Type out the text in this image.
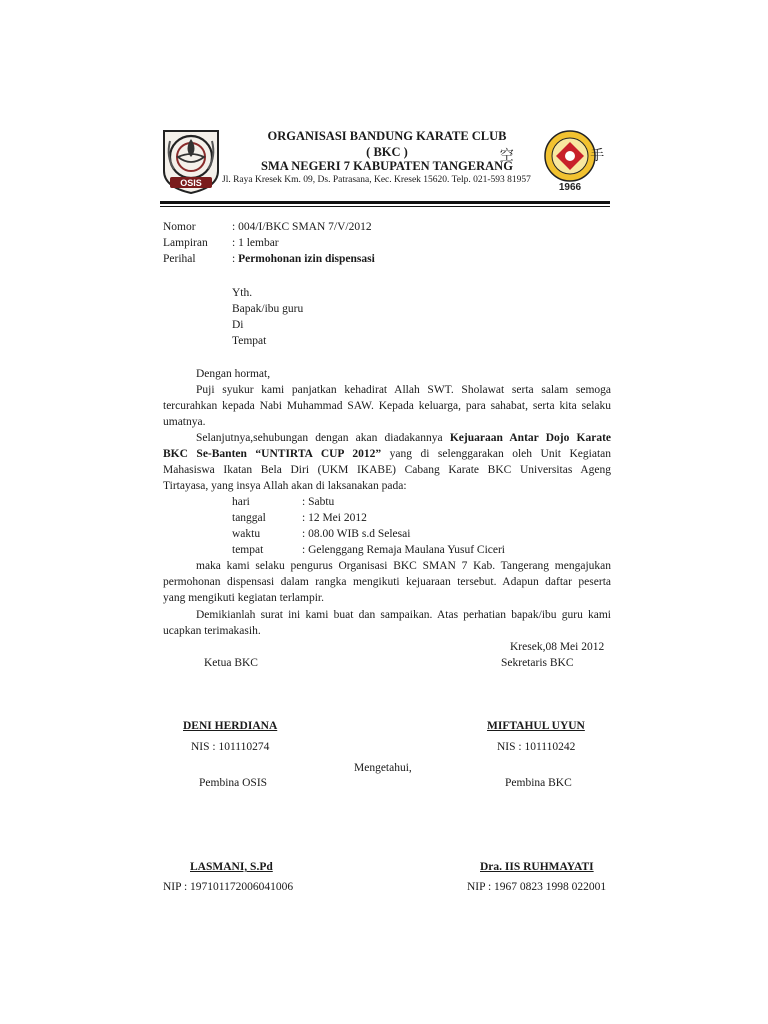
OSIS
空 手
1966
ORGANISASI BANDUNG KARATE CLUB
( BKC )
SMA NEGERI 7 KABUPATEN TANGERANG
Jl. Raya Kresek Km. 09, Ds. Patrasana, Kec. Kresek 15620. Telp. 021-593 81957
Nomor	: 004/I/BKC SMAN 7/V/2012
Lampiran : 1 lembar
Perihal	: Permohonan izin dispensasi
Yth.
Bapak/ibu guru
Di
Tempat
Dengan hormat,
Puji syukur kami panjatkan kehadirat Allah SWT. Sholawat serta salam semoga
tercurahkan kepada Nabi Muhammad SAW. Kepada keluarga, para sahabat, serta kita selaku
umatnya.
Selanjutnya,sehubungan dengan akan diadakannya Kejuaraan Antar Dojo Karate
BKC Se-Banten “UNTIRTA CUP 2012” yang di selenggarakan oleh Unit Kegiatan
Mahasiswa Ikatan Bela Diri (UKM IKABE) Cabang Karate BKC Universitas Ageng
Tirtayasa, yang insya Allah akan di laksanakan pada:
hari	: Sabtu
tanggal	: 12 Mei 2012
waktu	: 08.00 WIB s.d Selesai
tempat	: Gelenggang Remaja Maulana Yusuf Ciceri
maka kami selaku pengurus Organisasi BKC SMAN 7 Kab. Tangerang mengajukan
permohonan dispensasi dalam rangka mengikuti kejuaraan tersebut. Adapun daftar peserta
yang mengikuti kegiatan terlampir.
Demikianlah surat ini kami buat dan sampaikan. Atas perhatian bapak/ibu guru kami
ucapkan terimakasih.
Kresek,08 Mei 2012
Ketua BKC	Sekretaris BKC
DENI HERDIANA	MIFTAHUL UYUN
NIS : 101110274	NIS : 101110242
Mengetahui,
Pembina OSIS	Pembina BKC
LASMANI, S.Pd	Dra. IIS RUHMAYATI
NIP : 197101172006041006	NIP : 1967 0823 1998 022001
